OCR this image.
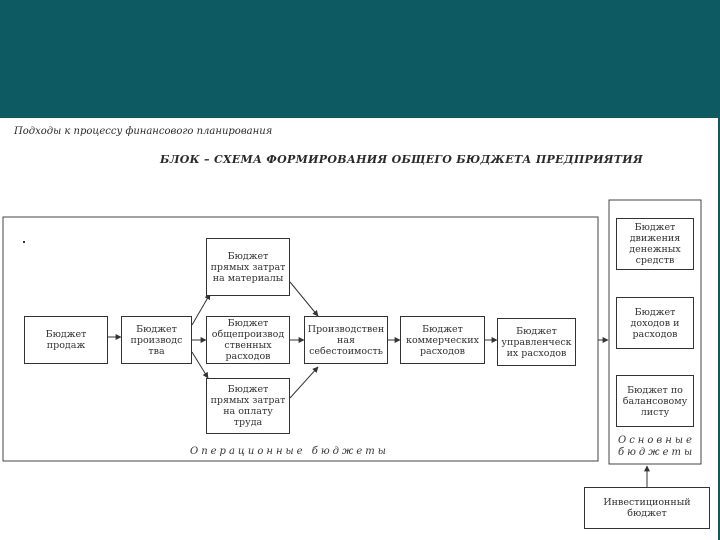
Подходы к процессу финансового планирования
БЛОК – СХЕМА ФОРМИРОВАНИЯ ОБЩЕГО БЮДЖЕТА ПРЕДПРИЯТИЯ
Бюджет
продаж
Бюджет
производс
тва
Бюджет
прямых затрат
на материалы
Бюджет
общепроизвод
ственных
расходов
Бюджет
прямых затрат
на оплату
труда
Производствен
ная
себестоимость
Бюджет
коммерческих
расходов
Бюджет
управленческ
их расходов
Бюджет
движения
денежных
средств
Бюджет
доходов и
расходов
Бюджет по
балансовому
листу
Инвестиционный бюджет
Операционные бюджеты
Основные
бюджеты
